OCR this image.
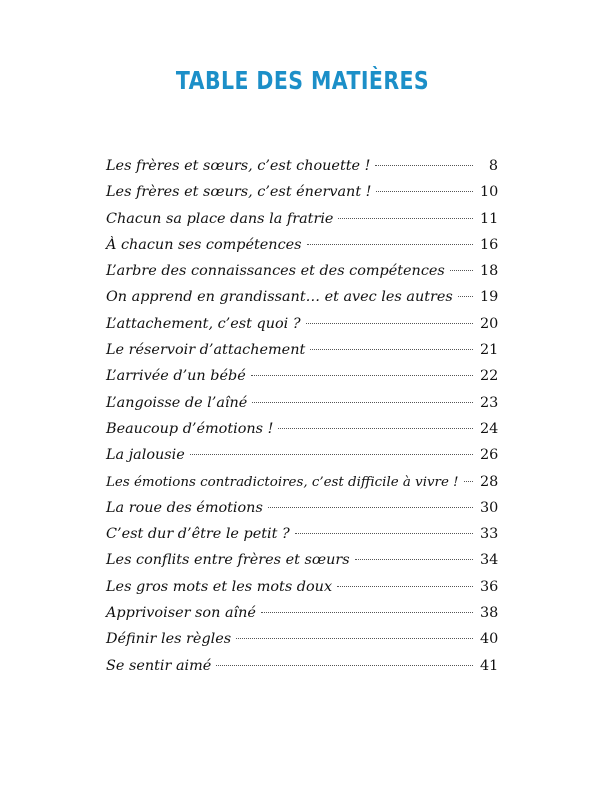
TABLE DES MATIÈRES
Les frères et sœurs, c’est chouette !	8
Les frères et sœurs, c’est énervant !	10
Chacun sa place dans la fratrie	11
À chacun ses compétences	16
L’arbre des connaissances et des compétences 18
On apprend en grandissant… et avec les autres 19
L’attachement, c’est quoi ?	20
Le réservoir d’attachement	21
L’arrivée d’un bébé	22
L’angoisse de l’aîné	23
Beaucoup d’émotions !	24
La jalousie	26
Les émotions contradictoires, c’est difficile à vivre ! 28
La roue des émotions	30
C’est dur d’être le petit ?	33
Les conflits entre frères et sœurs	34
Les gros mots et les mots doux	36
Apprivoiser son aîné	38
Définir les règles	40
Se sentir aimé	41
